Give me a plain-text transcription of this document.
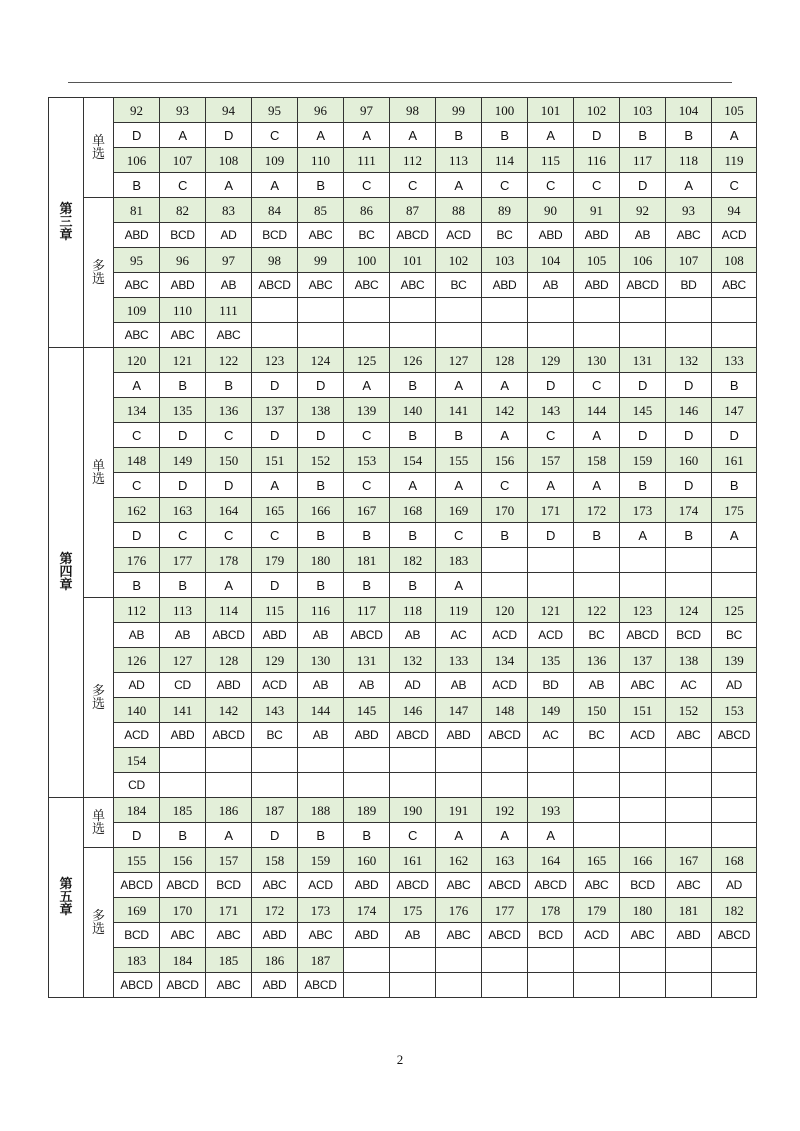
第
三
章	单
选	92	93	94	95	96	97	98	99	100	101	102	103	104	105
		D	A	D	C	A	A	A	B	B	A	D	B	B	A
		106	107	108	109	110	111	112	113	114	115	116	117	118	119
		B	C	A	A	B	C	C	A	C	C	C	D	A	C

	多
选	81	82	83	84	85	86	87	88	89	90	91	92	93	94
		ABD	BCD	AD	BCD	ABC	BC	ABCD	ACD	BC	ABD	ABD	AB	ABC	ACD
		95	96	97	98	99	100	101	102	103	104	105	106	107	108
		ABC	ABD	AB	ABCD	ABC	ABC	ABC	BC	ABD	AB	ABD	ABCD	BD	ABC
		109	110	111											
		ABC	ABC	ABC											

第
四
章	单
选	120	121	122	123	124	125	126	127	128	129	130	131	132	133
		A	B	B	D	D	A	B	A	A	D	C	D	D	B
		134	135	136	137	138	139	140	141	142	143	144	145	146	147
		C	D	C	D	D	C	B	B	A	C	A	D	D	D
		148	149	150	151	152	153	154	155	156	157	158	159	160	161
		C	D	D	A	B	C	A	A	C	A	A	B	D	B
		162	163	164	165	166	167	168	169	170	171	172	173	174	175
		D	C	C	C	B	B	B	C	B	D	B	A	B	A
		176	177	178	179	180	181	182	183						
		B	B	A	D	B	B	B	A						

	多
选	112	113	114	115	116	117	118	119	120	121	122	123	124	125
		AB	AB	ABCD	ABD	AB	ABCD	AB	AC	ACD	ACD	BC	ABCD	BCD	BC
		126	127	128	129	130	131	132	133	134	135	136	137	138	139
		AD	CD	ABD	ACD	AB	AB	AD	AB	ACD	BD	AB	ABC	AC	AD
		140	141	142	143	144	145	146	147	148	149	150	151	152	153
		ACD	ABD	ABCD	BC	AB	ABD	ABCD	ABD	ABCD	AC	BC	ACD	ABC	ABCD
		154													
		CD													

第
五
章	单
选	184	185	186	187	188	189	190	191	192	193				
		D	B	A	D	B	B	C	A	A	A				

	多
选	155	156	157	158	159	160	161	162	163	164	165	166	167	168
		ABCD	ABCD	BCD	ABC	ACD	ABD	ABCD	ABC	ABCD	ABCD	ABC	BCD	ABC	AD
		169	170	171	172	173	174	175	176	177	178	179	180	181	182
		BCD	ABC	ABC	ABD	ABC	ABD	AB	ABC	ABCD	BCD	ACD	ABC	ABD	ABCD
		183	184	185	186	187									
		ABCD	ABCD	ABC	ABD	ABCD									
2
